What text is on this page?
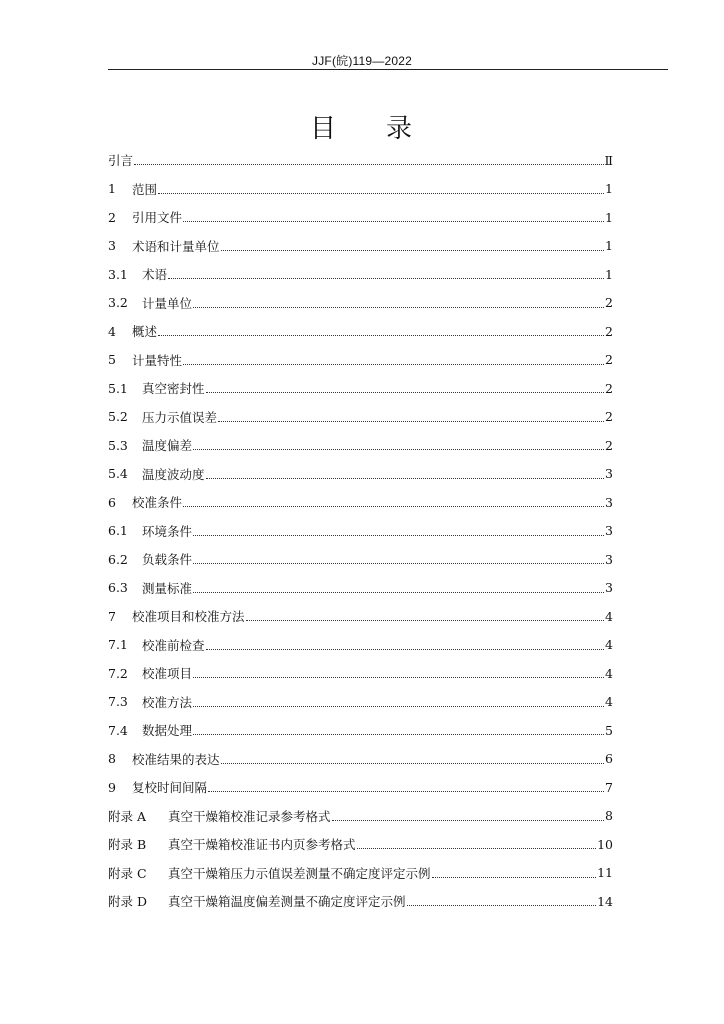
JJF(皖)119—2022
目 录
引言	Ⅱ
1	范围	1
2	引用文件	1
3	术语和计量单位	1
3.1	术语	1
3.2	计量单位	2
4	概述	2
5	计量特性	2
5.1	真空密封性	2
5.2	压力示值误差	2
5.3	温度偏差	2
5.4	温度波动度	3
6	校准条件	3
6.1	环境条件	3
6.2	负载条件	3
6.3	测量标准	3
7	校准项目和校准方法	4
7.1	校准前检查	4
7.2	校准项目	4
7.3	校准方法	4
7.4	数据处理	5
8	校准结果的表达	6
9	复校时间间隔	7
附录 A	真空干燥箱校准记录参考格式	8
附录 B	真空干燥箱校准证书内页参考格式	10
附录 C	真空干燥箱压力示值误差测量不确定度评定示例	11
附录 D	真空干燥箱温度偏差测量不确定度评定示例	14
